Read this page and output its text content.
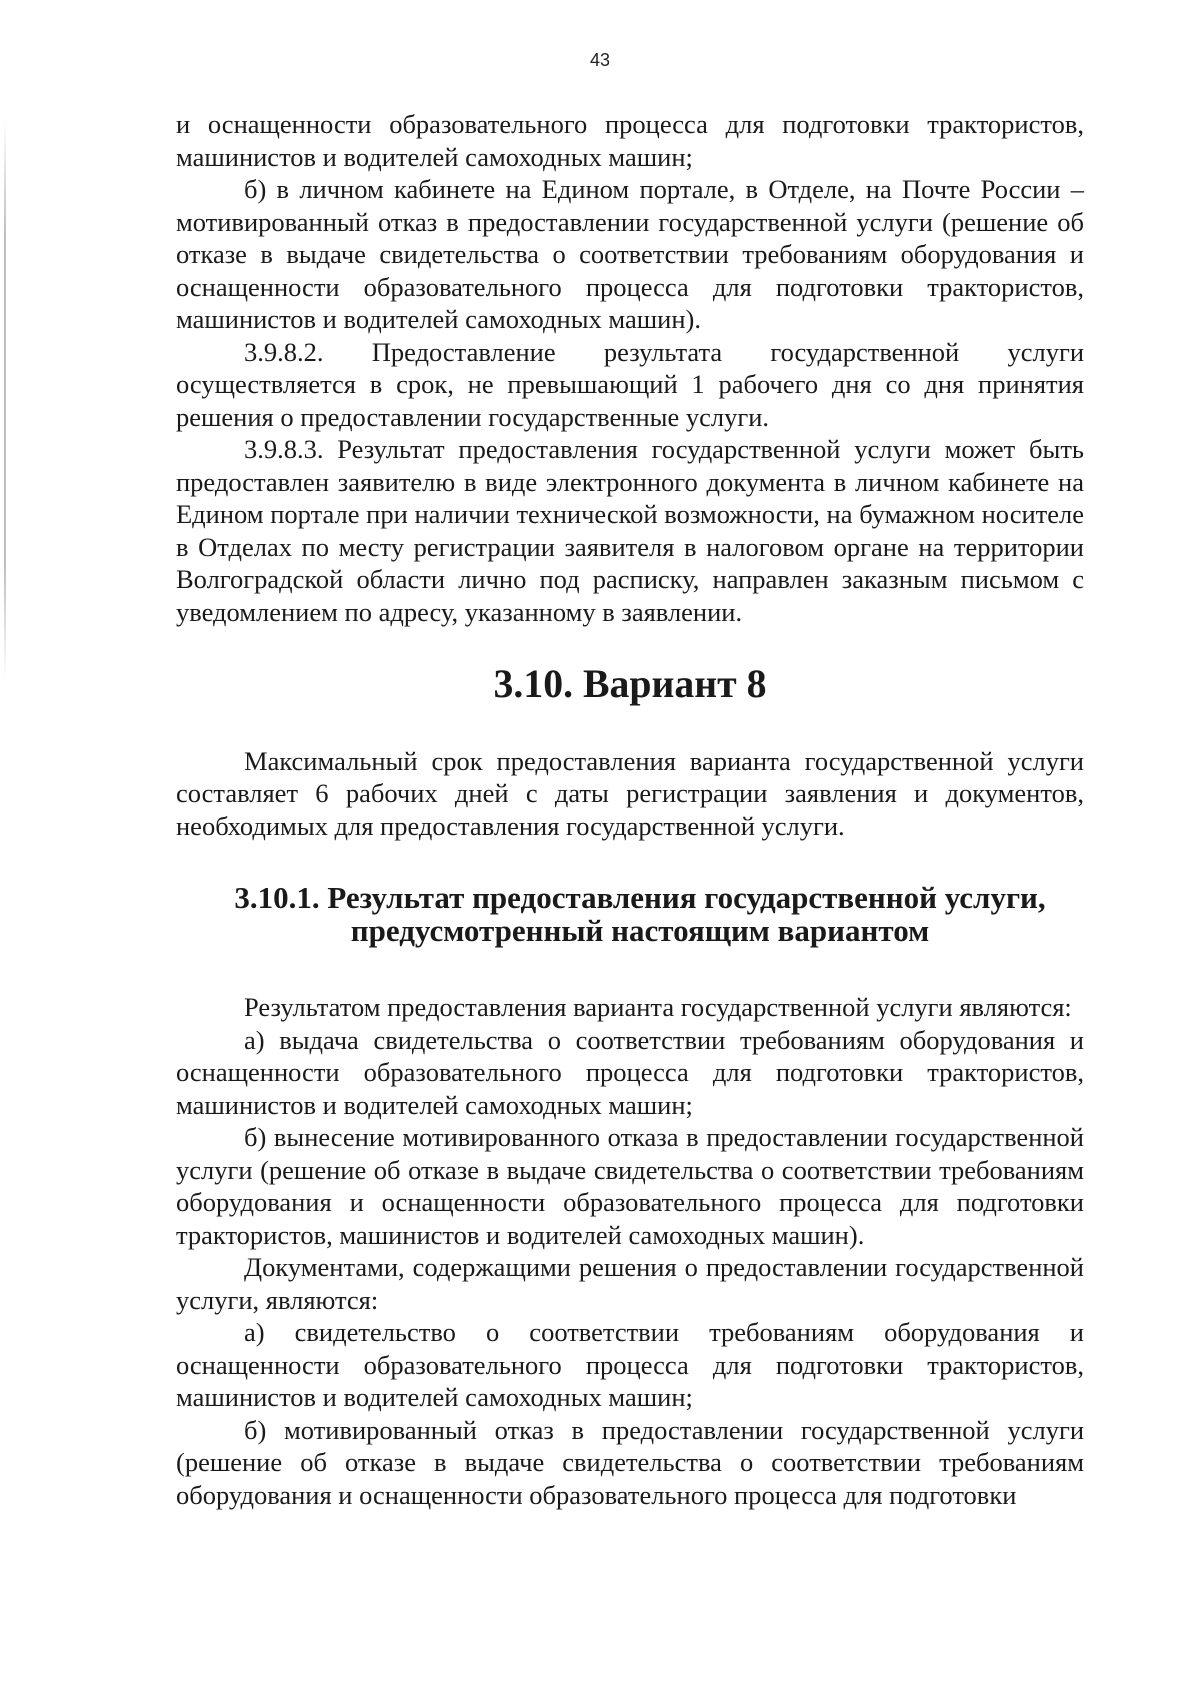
43

и оснащенности образовательного процесса для подготовки трактористов, машинистов и водителей самоходных машин;

б) в личном кабинете на Едином портале, в Отделе, на Почте России – мотивированный отказ в предоставлении государственной услуги (решение об отказе в выдаче свидетельства о соответствии требованиям оборудования и оснащенности образовательного процесса для подготовки трактористов, машинистов и водителей самоходных машин).

3.9.8.2. Предоставление результата государственной услуги осуществляется в срок, не превышающий 1 рабочего дня со дня принятия решения о предоставлении государственные услуги.

3.9.8.3. Результат предоставления государственной услуги может быть предоставлен заявителю в виде электронного документа в личном кабинете на Едином портале при наличии технической возможности, на бумажном носителе в Отделах по месту регистрации заявителя в налоговом органе на территории Волгоградской области лично под расписку, направлен заказным письмом с уведомлением по адресу, указанному в заявлении.

3.10. Вариант 8

Максимальный срок предоставления варианта государственной услуги составляет 6 рабочих дней с даты регистрации заявления и документов, необходимых для предоставления государственной услуги.

3.10.1. Результат предоставления государственной услуги,
предусмотренный настоящим вариантом

Результатом предоставления варианта государственной услуги являются:

а) выдача свидетельства о соответствии требованиям оборудования и оснащенности образовательного процесса для подготовки трактористов, машинистов и водителей самоходных машин;

б) вынесение мотивированного отказа в предоставлении государственной услуги (решение об отказе в выдаче свидетельства о соответствии требованиям оборудования и оснащенности образовательного процесса для подготовки трактористов, машинистов и водителей самоходных машин).

Документами, содержащими решения о предоставлении государственной услуги, являются:

а) свидетельство о соответствии требованиям оборудования и оснащенности образовательного процесса для подготовки трактористов, машинистов и водителей самоходных машин;

б) мотивированный отказ в предоставлении государственной услуги (решение об отказе в выдаче свидетельства о соответствии требованиям оборудования и оснащенности образовательного процесса для подготовки
